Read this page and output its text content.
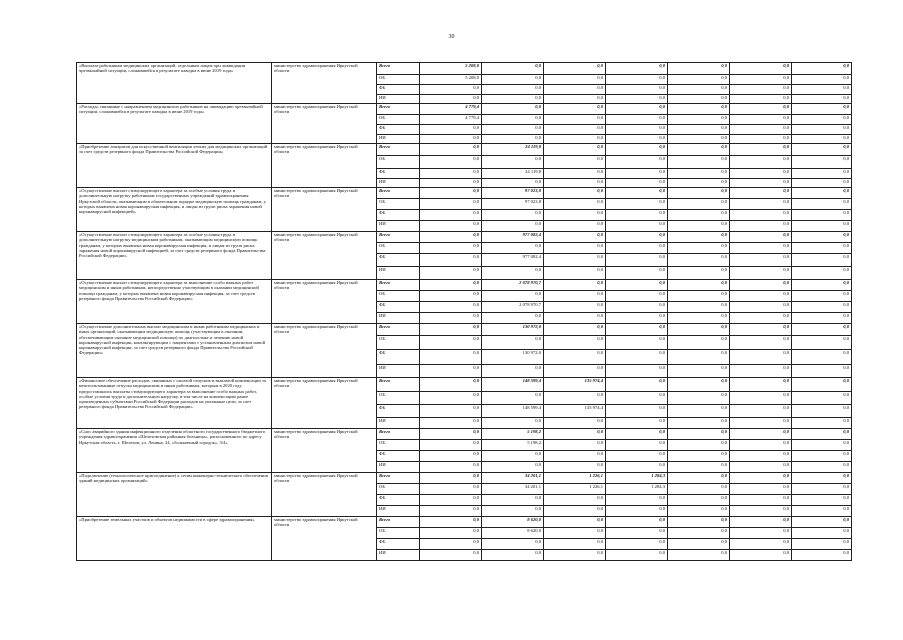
30
«Выплата работникам медицинских организаций, отдельным лицам при ликвидации чрезвычайной ситуации, сложившейся в результате паводка в июне 2019 года»	министерство здравоохранения Иркутской области	Всего	5 208,0	0,0	0,0	0,0	0,0	0,0	0,0
		ОБ	5 208,0	0,0	0,0	0,0	0,0	0,0	0,0
		ФБ	0,0	0,0	0,0	0,0	0,0	0,0	0,0
		ИИ	0,0	0,0	0,0	0,0	0,0	0,0	0,0
«Расходы, связанные с направлением медицинских работников на ликвидацию чрезвычайной ситуации, сложившейся в результате паводка в июне 2019 года»	министерство здравоохранения Иркутской области	Всего	4 779,4	0,0	0,0	0,0	0,0	0,0	0,0
		ОБ	4 779,4	0,0	0,0	0,0	0,0	0,0	0,0
		ФБ	0,0	0,0	0,0	0,0	0,0	0,0	0,0
		ИИ	0,0	0,0	0,0	0,0	0,0	0,0	0,0
«Приобретение аппаратов для искусственной вентиляции легких для медицинских организаций за счет средств резервного фонда Правительства Российской Федерации»	министерство здравоохранения Иркутской области	Всего	0,0	24 119,8	0,0	0,0	0,0	0,0	0,0
		ОБ	0,0	0,0	0,0	0,0	0,0	0,0	0,0
		ФБ	0,0	24 119,8	0,0	0,0	0,0	0,0	0,0
		ИИ	0,0	0,0	0,0	0,0	0,0	0,0	0,0
«Осуществление выплат стимулирующего характера за особые условия труда и дополнительную нагрузку работникам государственных учреждений здравоохранения Иркутской области, оказывающим в обязательном порядке медицинскую помощь гражданам, у которых выявлена новая коронавирусная инфекция, и лицам из групп риска заражения новой коронавирусной инфекцией»	министерство здравоохранения Иркутской области	Всего	0,0	97 023,8	0,0	0,0	0,0	0,0	0,0
		ОБ	0,0	97 023,8	0,0	0,0	0,0	0,0	0,0
		ФБ	0,0	0,0	0,0	0,0	0,0	0,0	0,0
		ИИ	0,0	0,0	0,0	0,0	0,0	0,0	0,0
«Осуществление выплат стимулирующего характера за особые условия труда и дополнительную нагрузку медицинским работникам, оказывающим медицинскую помощь гражданам, у которых выявлена новая коронавирусная инфекция, и лицам из групп риска заражения новой коронавирусной инфекцией, за счет средств резервного фонда Правительства Российской Федерации»	министерство здравоохранения Иркутской области	Всего	0,0	977 082,4	0,0	0,0	0,0	0,0	0,0
		ОБ	0,0	0,0	0,0	0,0	0,0	0,0	0,0
		ФБ	0,0	977 082,4	0,0	0,0	0,0	0,0	0,0
		ИИ	0,0	0,0	0,0	0,0	0,0	0,0	0,0
«Осуществление выплат стимулирующего характера за выполнение особо важных работ медицинским и иным работникам, непосредственно участвующим в оказании медицинской помощи гражданам, у которых выявлена новая коронавирусная инфекция, за счет средств резервного фонда Правительства Российской Федерации»	министерство здравоохранения Иркутской области	Всего	0,0	2 078 970,7	0,0	0,0	0,0	0,0	0,0
		ОБ	0,0	0,0	0,0	0,0	0,0	0,0	0,0
		ФБ	0,0	2 078 970,7	0,0	0,0	0,0	0,0	0,0
		ИИ	0,0	0,0	0,0	0,0	0,0	0,0	0,0
«Осуществление дополнительных выплат медицинским и иным работникам медицинских и иных организаций, оказывающим медицинскую помощь (участвующим в оказании, обеспечивающим оказание медицинской помощи) по диагностике и лечению новой коронавирусной инфекции, контактирующим с пациентами с установленным диагнозом новой коронавирусной инфекции, за счет средств резервного фонда Правительства Российской Федерации»	министерство здравоохранения Иркутской области	Всего	0,0	130 972,0	0,0	0,0	0,0	0,0	0,0
		ОБ	0,0	0,0	0,0	0,0	0,0	0,0	0,0
		ФБ	0,0	130 972,0	0,0	0,0	0,0	0,0	0,0
		ИИ	0,0	0,0	0,0	0,0	0,0	0,0	0,0
«Финансовое обеспечение расходов, связанных с оплатой отпусков и выплатой компенсации за неиспользованные отпуска медицинским и иным работникам, которым в 2020 году предоставлялись выплаты стимулирующего характера за выполнение особо важных работ, особые условия труда и дополнительную нагрузку, в том числе на компенсацию ранее произведенных субъектами Российской Федерации расходов на указанные цели, за счет резервного фонда Правительства Российской Федерации»	министерство здравоохранения Иркутской области	Всего	0,0	148 599,4	135 974,4	0,0	0,0	0,0	0,0
		ОБ	0,0	0,0	0,0	0,0	0,0	0,0	0,0
		ФБ	0,0	148 599,4	135 974,4	0,0	0,0	0,0	0,0
		ИИ	0,0	0,0	0,0	0,0	0,0	0,0	0,0
«Снос аварийного здания инфекционного отделения областного государственного бюджетного учреждения здравоохранения «Шелеховская районная больница», расположенного по адресу Иркутская область, г. Шелехов, ул. Ленина, 24, «больничный городок», 3/4»	министерство здравоохранения Иркутской области	Всего	0,0	5 198,2	0,0	0,0	0,0	0,0	0,0
		ОБ	0,0	5 198,2	0,0	0,0	0,0	0,0	0,0
		ФБ	0,0	0,0	0,0	0,0	0,0	0,0	0,0
		ИИ	0,0	0,0	0,0	0,0	0,0	0,0	0,0
«Подключение (технологическое присоединение) к сетям инженерно-технического обеспечения зданий медицинских организаций»	министерство здравоохранения Иркутской области	Всего	0,0	34 201,1	1 226,1	1 284,3	0,0	0,0	0,0
		ОБ	0,0	34 201,1	1 226,1	1 284,3	0,0	0,0	0,0
		ФБ	0,0	0,0	0,0	0,0	0,0	0,0	0,0
		ИИ	0,0	0,0	0,0	0,0	0,0	0,0	0,0
«Приобретение земельных участков и объектов недвижимости в сфере здравоохранения»	министерство здравоохранения Иркутской области	Всего	0,0	8 620,0	0,0	0,0	0,0	0,0	0,0
		ОБ	0,0	8 620,0	0,0	0,0	0,0	0,0	0,0
		ФБ	0,0	0,0	0,0	0,0	0,0	0,0	0,0
		ИИ	0,0	0,0	0,0	0,0	0,0	0,0	0,0
